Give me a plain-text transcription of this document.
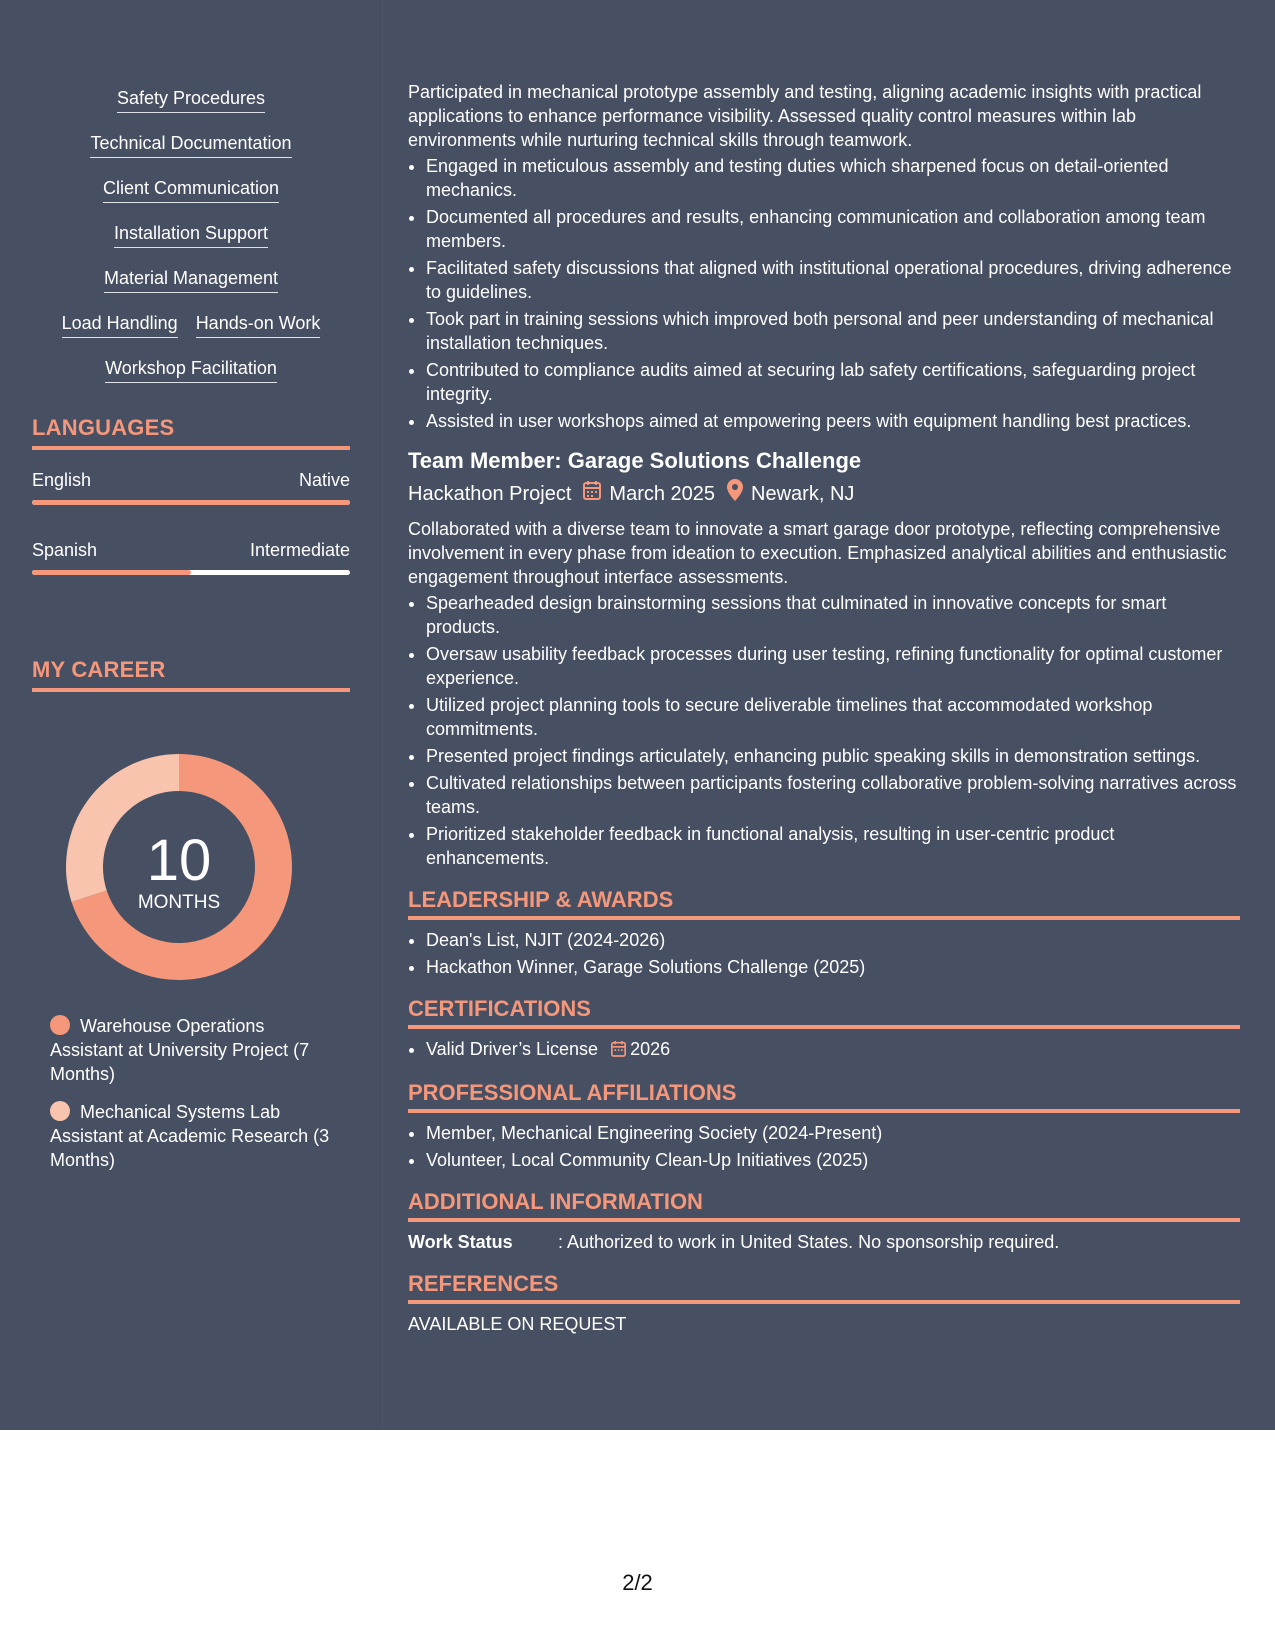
Safety Procedures
Technical Documentation
Client Communication
Installation Support
Material Management
Load Handling Hands-on Work
Workshop Facilitation
LANGUAGES
English	Native
Spanish	Intermediate
MY CAREER
10
MONTHS
Warehouse Operations Assistant at University Project (7 Months)
Mechanical Systems Lab Assistant at Academic Research (3 Months)

Participated in mechanical prototype assembly and testing, aligning academic insights with practical applications to enhance performance visibility. Assessed quality control measures within lab environments while nurturing technical skills through teamwork.

• Engaged in meticulous assembly and testing duties which sharpened focus on detail-oriented mechanics.
• Documented all procedures and results, enhancing communication and collaboration among team members.
• Facilitated safety discussions that aligned with institutional operational procedures, driving adherence to guidelines.
• Took part in training sessions which improved both personal and peer understanding of mechanical installation techniques.
• Contributed to compliance audits aimed at securing lab safety certifications, safeguarding project integrity.
• Assisted in user workshops aimed at empowering peers with equipment handling best practices.
Team Member: Garage Solutions Challenge
Hackathon Project March 2025 Newark, NJ

Collaborated with a diverse team to innovate a smart garage door prototype, reflecting comprehensive involvement in every phase from ideation to execution. Emphasized analytical abilities and enthusiastic engagement throughout interface assessments.

• Spearheaded design brainstorming sessions that culminated in innovative concepts for smart products.
• Oversaw usability feedback processes during user testing, refining functionality for optimal customer experience.
• Utilized project planning tools to secure deliverable timelines that accommodated workshop commitments.
• Presented project findings articulately, enhancing public speaking skills in demonstration settings.
• Cultivated relationships between participants fostering collaborative problem-solving narratives across teams.
• Prioritized stakeholder feedback in functional analysis, resulting in user-centric product enhancements.
LEADERSHIP & AWARDS
• Dean's List, NJIT (2024-2026)
• Hackathon Winner, Garage Solutions Challenge (2025)
CERTIFICATIONS
• Valid Driver’s License 2026
PROFESSIONAL AFFILIATIONS
• Member, Mechanical Engineering Society (2024-Present)
• Volunteer, Local Community Clean-Up Initiatives (2025)
ADDITIONAL INFORMATION
Work Status	: Authorized to work in United States. No sponsorship required.
REFERENCES
AVAILABLE ON REQUEST
2/2
